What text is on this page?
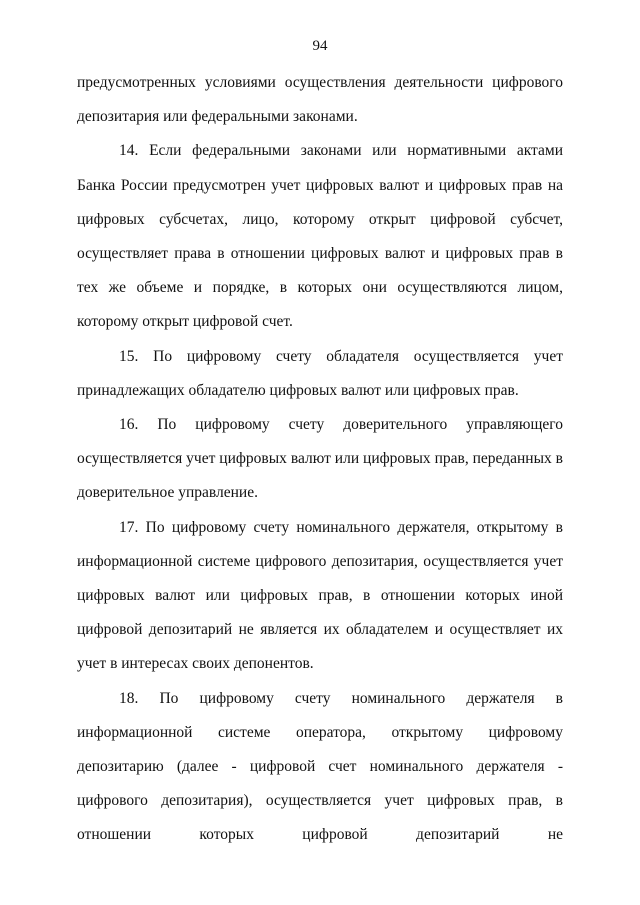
94

предусмотренных условиями осуществления деятельности цифрового депозитария или федеральными законами.

14. Если федеральными законами или нормативными актами Банка России предусмотрен учет цифровых валют и цифровых прав на цифровых субсчетах, лицо, которому открыт цифровой субсчет, осуществляет права в отношении цифровых валют и цифровых прав в тех же объеме и порядке, в которых они осуществляются лицом, которому открыт цифровой счет.

15. По цифровому счету обладателя осуществляется учет принадлежащих обладателю цифровых валют или цифровых прав.

16. По цифровому счету доверительного управляющего осуществляется учет цифровых валют или цифровых прав, переданных в доверительное управление.

17. По цифровому счету номинального держателя, открытому в информационной системе цифрового депозитария, осуществляется учет цифровых валют или цифровых прав, в отношении которых иной цифровой депозитарий не является их обладателем и осуществляет их учет в интересах своих депонентов.

18. По цифровому счету номинального держателя в информационной системе оператора, открытому цифровому депозитарию (далее - цифровой счет номинального держателя - цифрового депозитария), осуществляется учет цифровых прав, в отношении которых цифровой депозитарий не
